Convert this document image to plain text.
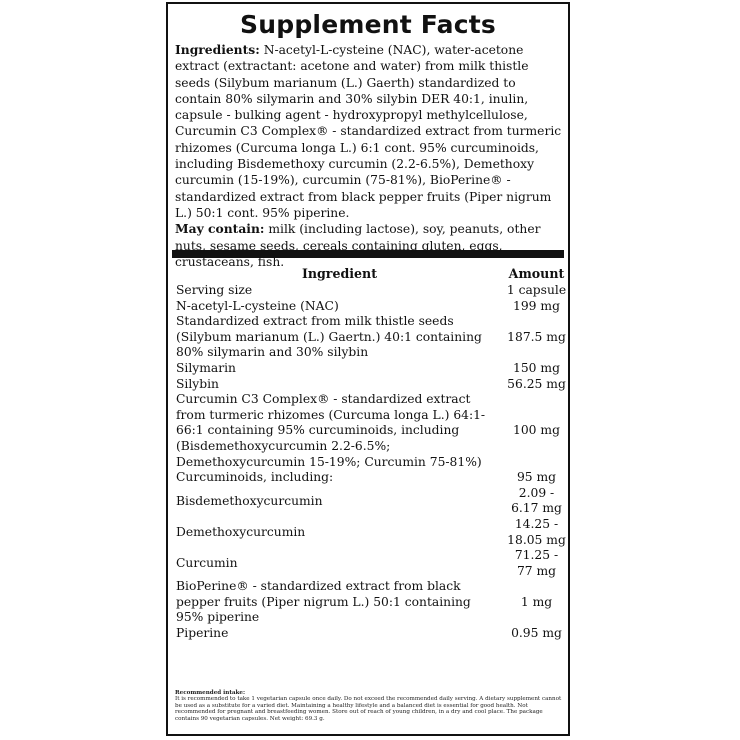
Supplement Facts
Ingredients: N-acetyl-L-cysteine (NAC), water-acetone extract (extractant: acetone and water) from milk thistle seeds (Silybum marianum (L.) Gaerth) standardized to contain 80% silymarin and 30% silybin DER 40:1, inulin, capsule - bulking agent - hydroxypropyl methylcellulose, Curcumin C3 Complex® - standardized extract from turmeric rhizomes (Curcuma longa L.) 6:1 cont. 95% curcuminoids, including Bisdemethoxy curcumin (2.2-6.5%), Demethoxy curcumin (15-19%), curcumin (75-81%), BioPerine® - standardized extract from black pepper fruits (Piper nigrum L.) 50:1 cont. 95% piperine.
May contain: milk (including lactose), soy, peanuts, other nuts, sesame seeds, cereals containing gluten, eggs, crustaceans, fish.
Ingredient	Amount
Serving size	1 capsule
N-acetyl-L-cysteine (NAC)	199 mg
Standardized extract from milk thistle seeds (Silybum marianum (L.) Gaertn.) 40:1 containing 80% silymarin and 30% silybin	187.5 mg
Silymarin	150 mg
Silybin	56.25 mg
Curcumin C3 Complex® - standardized extract from turmeric rhizomes (Curcuma longa L.) 64:1-66:1 containing 95% curcuminoids, including (Bisdemethoxycurcumin 2.2-6.5%; Demethoxycurcumin 15-19%; Curcumin 75-81%)	100 mg
Curcuminoids, including:	95 mg
Bisdemethoxycurcumin	2.09 - 6.17 mg
Demethoxycurcumin	14.25 - 18.05 mg
Curcumin	71.25 - 77 mg
BioPerine® - standardized extract from black pepper fruits (Piper nigrum L.) 50:1 containing 95% piperine	1 mg
Piperine	0.95 mg
Recommended intake:
It is recommended to take 1 vegetarian capsule once daily. Do not exceed the recommended daily serving. A dietary supplement cannot be used as a substitute for a varied diet. Maintaining a healthy lifestyle and a balanced diet is essential for good health. Not recommended for pregnant and breastfeeding women. Store out of reach of young children, in a dry and cool place. The package contains 90 vegetarian capsules. Net weight: 69.3 g.
